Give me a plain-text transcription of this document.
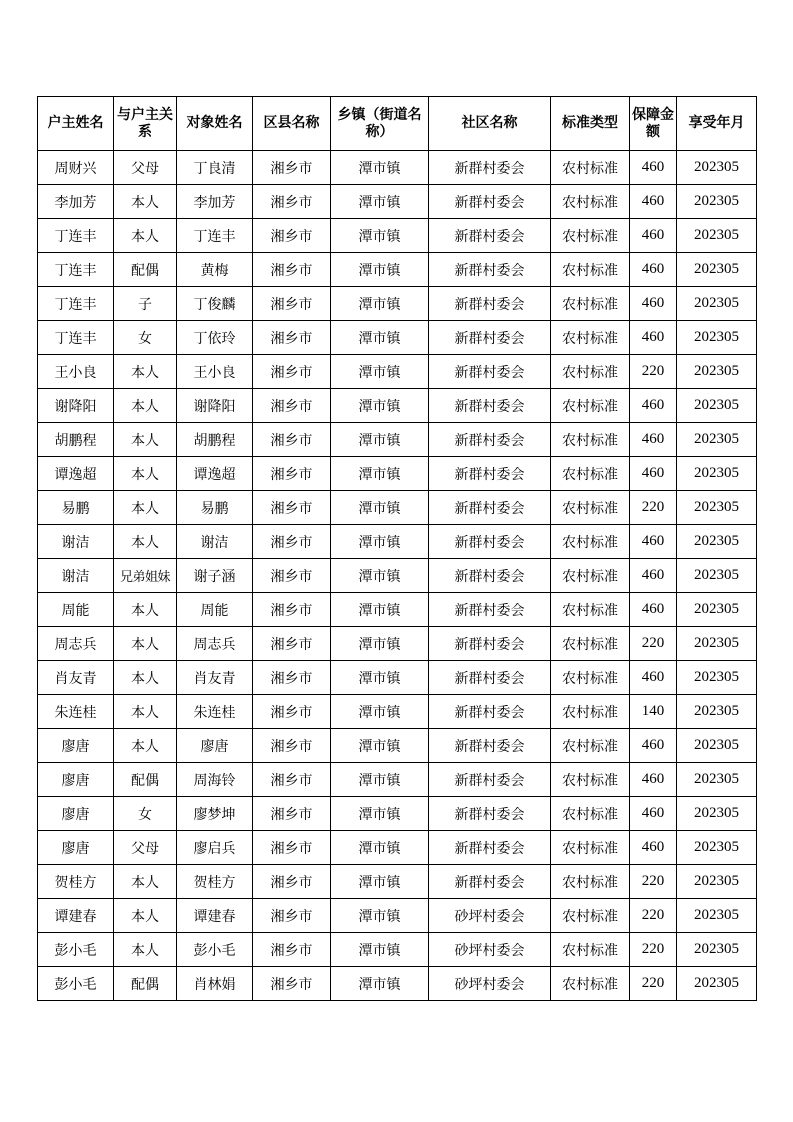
户主姓名	与户主关系	对象姓名	区县名称	乡镇（街道名称）	社区名称	标准类型	保障金额	享受年月
周财兴	父母	丁良清	湘乡市	潭市镇	新群村委会	农村标准	460	202305
李加芳	本人	李加芳	湘乡市	潭市镇	新群村委会	农村标准	460	202305
丁连丰	本人	丁连丰	湘乡市	潭市镇	新群村委会	农村标准	460	202305
丁连丰	配偶	黄梅	湘乡市	潭市镇	新群村委会	农村标准	460	202305
丁连丰	子	丁俊麟	湘乡市	潭市镇	新群村委会	农村标准	460	202305
丁连丰	女	丁依玲	湘乡市	潭市镇	新群村委会	农村标准	460	202305
王小良	本人	王小良	湘乡市	潭市镇	新群村委会	农村标准	220	202305
谢降阳	本人	谢降阳	湘乡市	潭市镇	新群村委会	农村标准	460	202305
胡鹏程	本人	胡鹏程	湘乡市	潭市镇	新群村委会	农村标准	460	202305
谭逸超	本人	谭逸超	湘乡市	潭市镇	新群村委会	农村标准	460	202305
易鹏	本人	易鹏	湘乡市	潭市镇	新群村委会	农村标准	220	202305
谢洁	本人	谢洁	湘乡市	潭市镇	新群村委会	农村标准	460	202305
谢洁	兄弟姐妹	谢子涵	湘乡市	潭市镇	新群村委会	农村标准	460	202305
周能	本人	周能	湘乡市	潭市镇	新群村委会	农村标准	460	202305
周志兵	本人	周志兵	湘乡市	潭市镇	新群村委会	农村标准	220	202305
肖友青	本人	肖友青	湘乡市	潭市镇	新群村委会	农村标准	460	202305
朱连桂	本人	朱连桂	湘乡市	潭市镇	新群村委会	农村标准	140	202305
廖唐	本人	廖唐	湘乡市	潭市镇	新群村委会	农村标准	460	202305
廖唐	配偶	周海铃	湘乡市	潭市镇	新群村委会	农村标准	460	202305
廖唐	女	廖梦坤	湘乡市	潭市镇	新群村委会	农村标准	460	202305
廖唐	父母	廖启兵	湘乡市	潭市镇	新群村委会	农村标准	460	202305
贺桂方	本人	贺桂方	湘乡市	潭市镇	新群村委会	农村标准	220	202305
谭建春	本人	谭建春	湘乡市	潭市镇	砂坪村委会	农村标准	220	202305
彭小毛	本人	彭小毛	湘乡市	潭市镇	砂坪村委会	农村标准	220	202305
彭小毛	配偶	肖林娟	湘乡市	潭市镇	砂坪村委会	农村标准	220	202305
